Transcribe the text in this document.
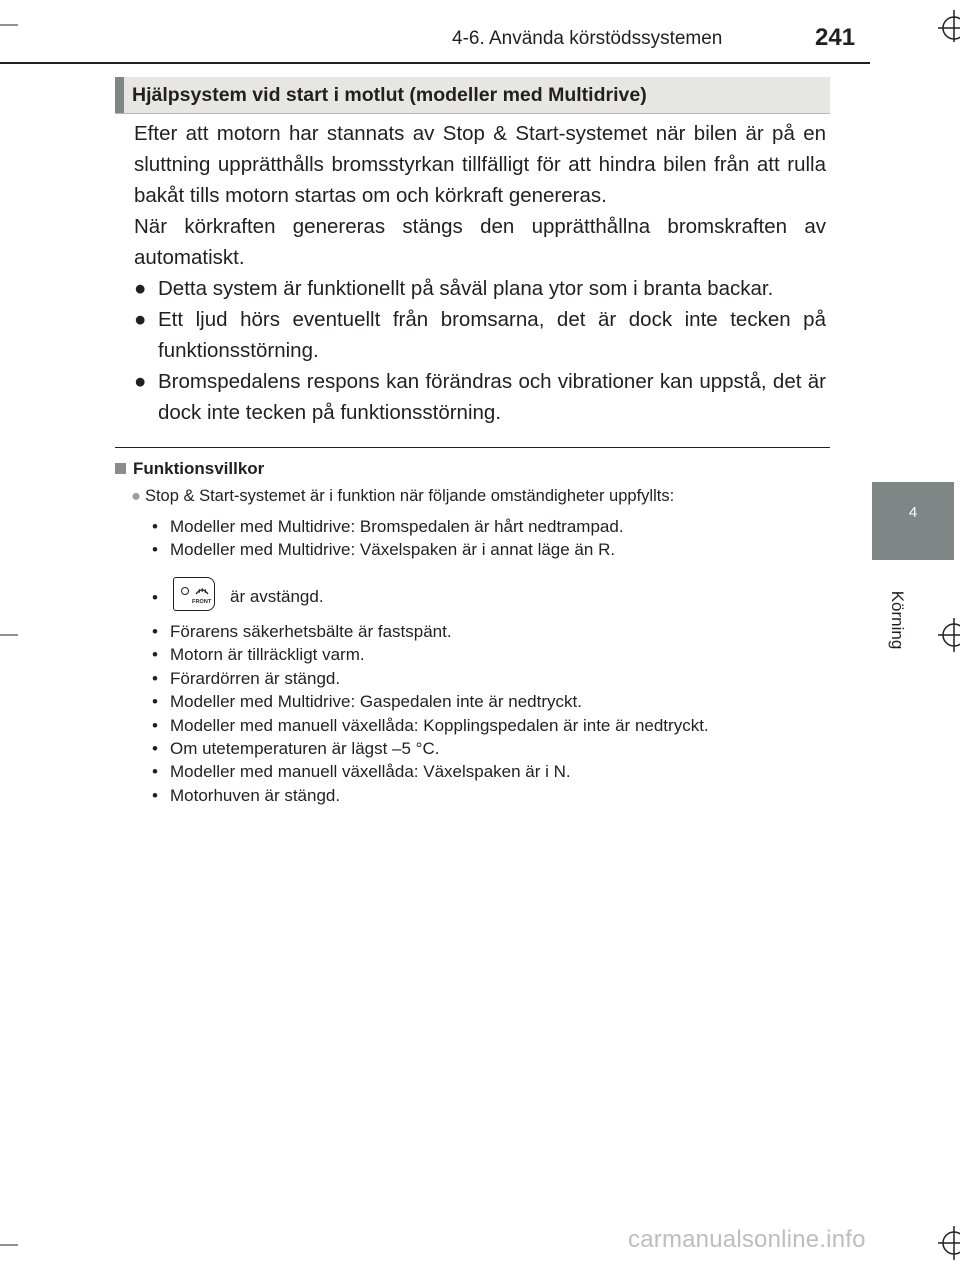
4-6. Använda körstödssystemen	241
4
Körning
Hjälpsystem vid start i motlut (modeller med Multidrive)

Efter att motorn har stannats av Stop & Start-systemet när bilen är på en sluttning upprätthålls bromsstyrkan tillfälligt för att hindra bilen från att rulla bakåt tills motorn startas om och körkraft genereras.

När körkraften genereras stängs den upprätthållna bromskraften av automatiskt.

● Detta system är funktionellt på såväl plana ytor som i branta backar.
● Ett ljud hörs eventuellt från bromsarna, det är dock inte tecken på funktionsstörning.
● Bromspedalens respons kan förändras och vibrationer kan uppstå, det är dock inte tecken på funktionsstörning.
Funktionsvillkor
● Stop & Start-systemet är i funktion när följande omständigheter uppfyllts:
• Modeller med Multidrive: Bromspedalen är hårt nedtrampad.
• Modeller med Multidrive: Växelspaken är i annat läge än R.
•	FRONT är avstängd.
• Förarens säkerhetsbälte är fastspänt.
• Motorn är tillräckligt varm.
• Förardörren är stängd.
• Modeller med Multidrive: Gaspedalen inte är nedtryckt.
• Modeller med manuell växellåda: Kopplingspedalen är inte är nedtryckt.
• Om utetemperaturen är lägst –5 °C.
• Modeller med manuell växellåda: Växelspaken är i N.
• Motorhuven är stängd.
carmanualsonline.info
